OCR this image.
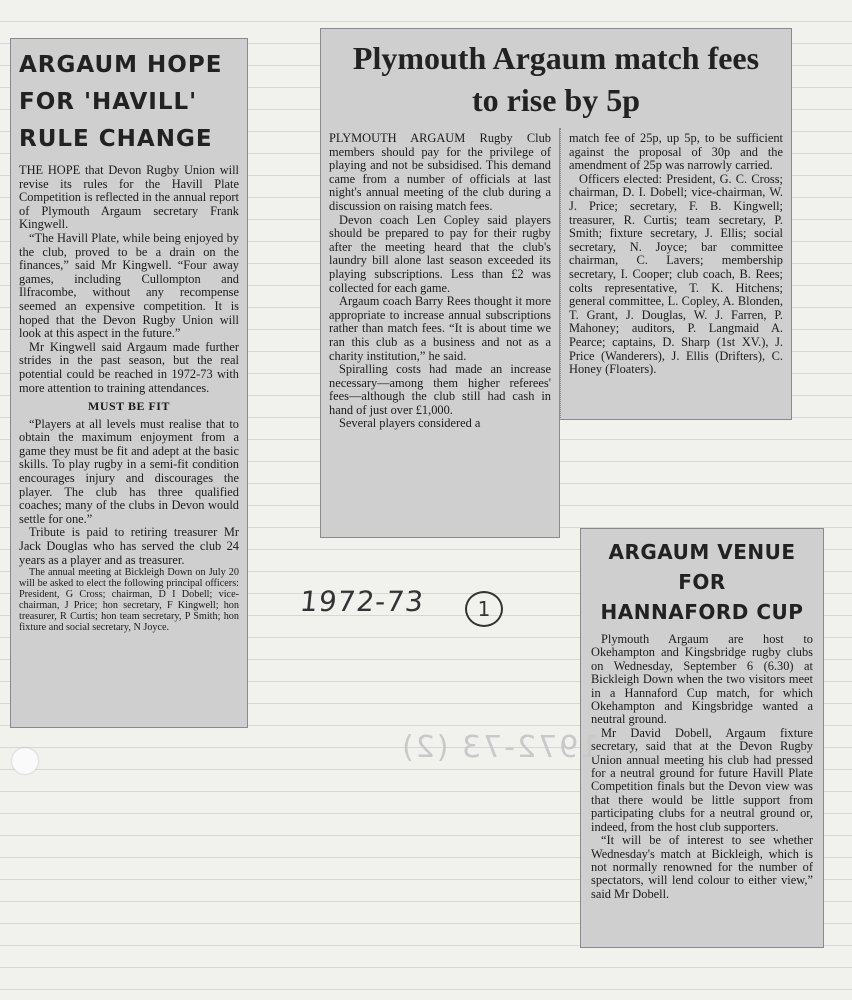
ARGAUM HOPE
FOR 'HAVILL'
RULE CHANGE

THE HOPE that Devon Rugby Union will revise its rules for the Havill Plate Competition is reflected in the annual report of Plymouth Argaum secretary Frank Kingwell.

“The Havill Plate, while being enjoyed by the club, proved to be a drain on the finances,” said Mr Kingwell. “Four away games, including Cullompton and Ilfracombe, without any recompense seemed an expensive competition. It is hoped that the Devon Rugby Union will look at this aspect in the future.”

Mr Kingwell said Argaum made further strides in the past season, but the real potential could be reached in 1972-73 with more attention to training attendances.

MUST BE FIT

“Players at all levels must realise that to obtain the maximum enjoyment from a game they must be fit and adept at the basic skills. To play rugby in a semi-fit condition encourages injury and discourages the player. The club has three qualified coaches; many of the clubs in Devon would settle for one.”

Tribute is paid to retiring treasurer Mr Jack Douglas who has served the club 24 years as a player and as treasurer.

The annual meeting at Bickleigh Down on July 20 will be asked to elect the following principal officers: President, G Cross; chairman, D I Dobell; vice-chairman, J Price; hon secretary, F Kingwell; hon treasurer, R Curtis; hon team secretary, P Smith; hon fixture and social secretary, N Joyce.

Plymouth Argaum match fees
to rise by 5p

PLYMOUTH ARGAUM Rugby Club members should pay for the privilege of playing and not be subsidised. This demand came from a number of officials at last night's annual meeting of the club during a discussion on raising match fees.

Devon coach Len Copley said players should be prepared to pay for their rugby after the meeting heard that the club's laundry bill alone last season exceeded its playing subscriptions. Less than £2 was collected for each game.

Argaum coach Barry Rees thought it more appropriate to increase annual subscriptions rather than match fees. “It is about time we ran this club as a business and not as a charity institution,” he said.

Spiralling costs had made an increase necessary—among them higher referees' fees—although the club still had cash in hand of just over £1,000.

Several players considered a

match fee of 25p, up 5p, to be sufficient against the proposal of 30p and the amendment of 25p was narrowly carried.

Officers elected: President, G. C. Cross; chairman, D. I. Dobell; vice-chairman, W. J. Price; secretary, F. B. Kingwell; treasurer, R. Curtis; team secretary, P. Smith; fixture secretary, J. Ellis; social secretary, N. Joyce; bar committee chairman, C. Lavers; membership secretary, I. Cooper; club coach, B. Rees; colts representative, T. K. Hitchens; general committee, L. Copley, A. Blonden, T. Grant, J. Douglas, W. J. Farren, P. Mahoney; auditors, P. Langmaid A. Pearce; captains, D. Sharp (1st XV.), J. Price (Wanderers), J. Ellis (Drifters), C. Honey (Floaters).

ARGAUM VENUE FOR
HANNAFORD CUP

Plymouth Argaum are host to Okehampton and Kingsbridge rugby clubs on Wednesday, September 6 (6.30) at Bickleigh Down when the two visitors meet in a Hannaford Cup match, for which Okehampton and Kingsbridge wanted a neutral ground.

Mr David Dobell, Argaum fixture secretary, said that at the Devon Rugby Union annual meeting his club had pressed for a neutral ground for future Havill Plate Competition finals but the Devon view was that there would be little support from participating clubs for a neutral ground or, indeed, from the host club supporters.

“It will be of interest to see whether Wednesday's match at Bickleigh, which is not normally renowned for the number of spectators, will lend colour to either view,” said Mr Dobell.

1972-73	1
1972-73 (2)
